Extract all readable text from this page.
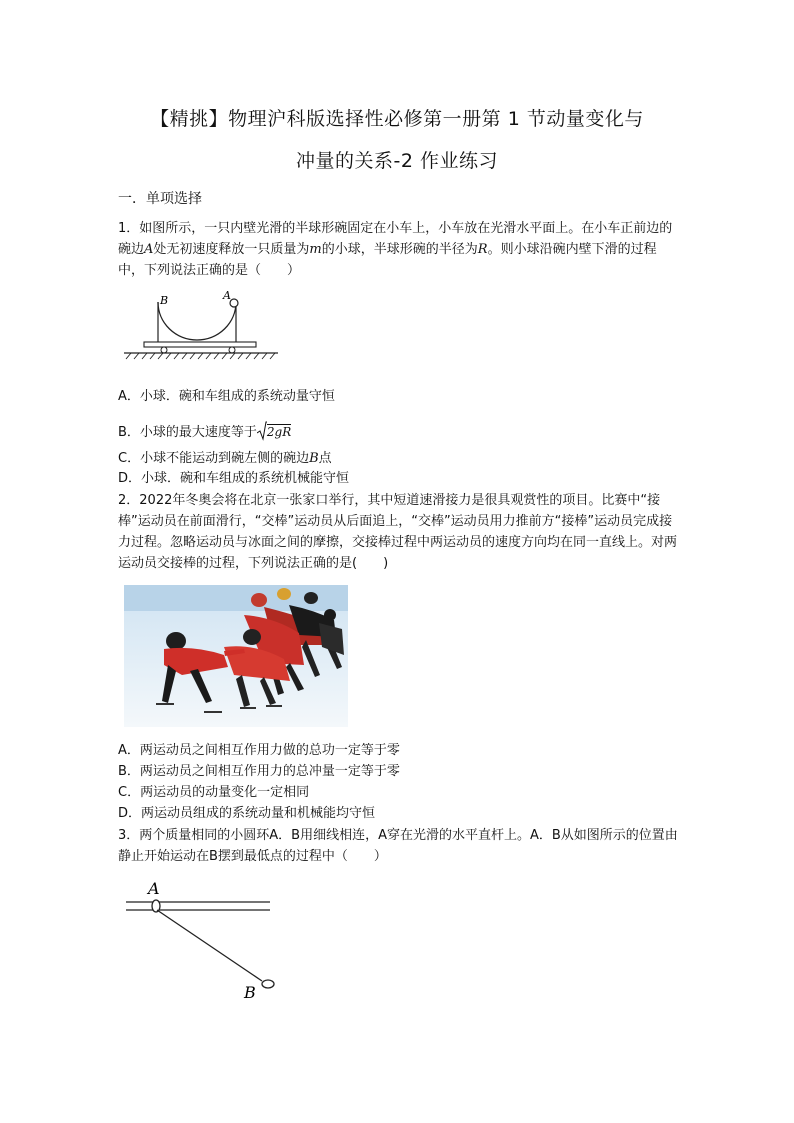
【精挑】物理沪科版选择性必修第一册第 1 节动量变化与
冲量的关系-2 作业练习
一．单项选择
1．如图所示，一只内壁光滑的半球形碗固定在小车上，小车放在光滑水平面上。在小车正前边的碗边A处无初速度释放一只质量为m的小球，半球形碗的半径为R。则小球沿碗内壁下滑的过程中，下列说法正确的是（　　）
B	A
A．小球．碗和车组成的系统动量守恒
B．小球的最大速度等于 2gR
C．小球不能运动到碗左侧的碗边B点
D．小球．碗和车组成的系统机械能守恒
2．2022年冬奥会将在北京一张家口举行，其中短道速滑接力是很具观赏性的项目。比赛中“接棒”运动员在前面滑行，“交棒”运动员从后面追上，“交棒”运动员用力推前方“接棒”运动员完成接力过程。忽略运动员与冰面之间的摩擦，交接棒过程中两运动员的速度方向均在同一直线上。对两运动员交接棒的过程，下列说法正确的是(　　)
A．两运动员之间相互作用力做的总功一定等于零
B．两运动员之间相互作用力的总冲量一定等于零
C．两运动员的动量变化一定相同
D．两运动员组成的系统动量和机械能均守恒
3．两个质量相同的小圆环A．B用细线相连，A穿在光滑的水平直杆上。A．B从如图所示的位置由静止开始运动在B摆到最低点的过程中（　　）
A
B
